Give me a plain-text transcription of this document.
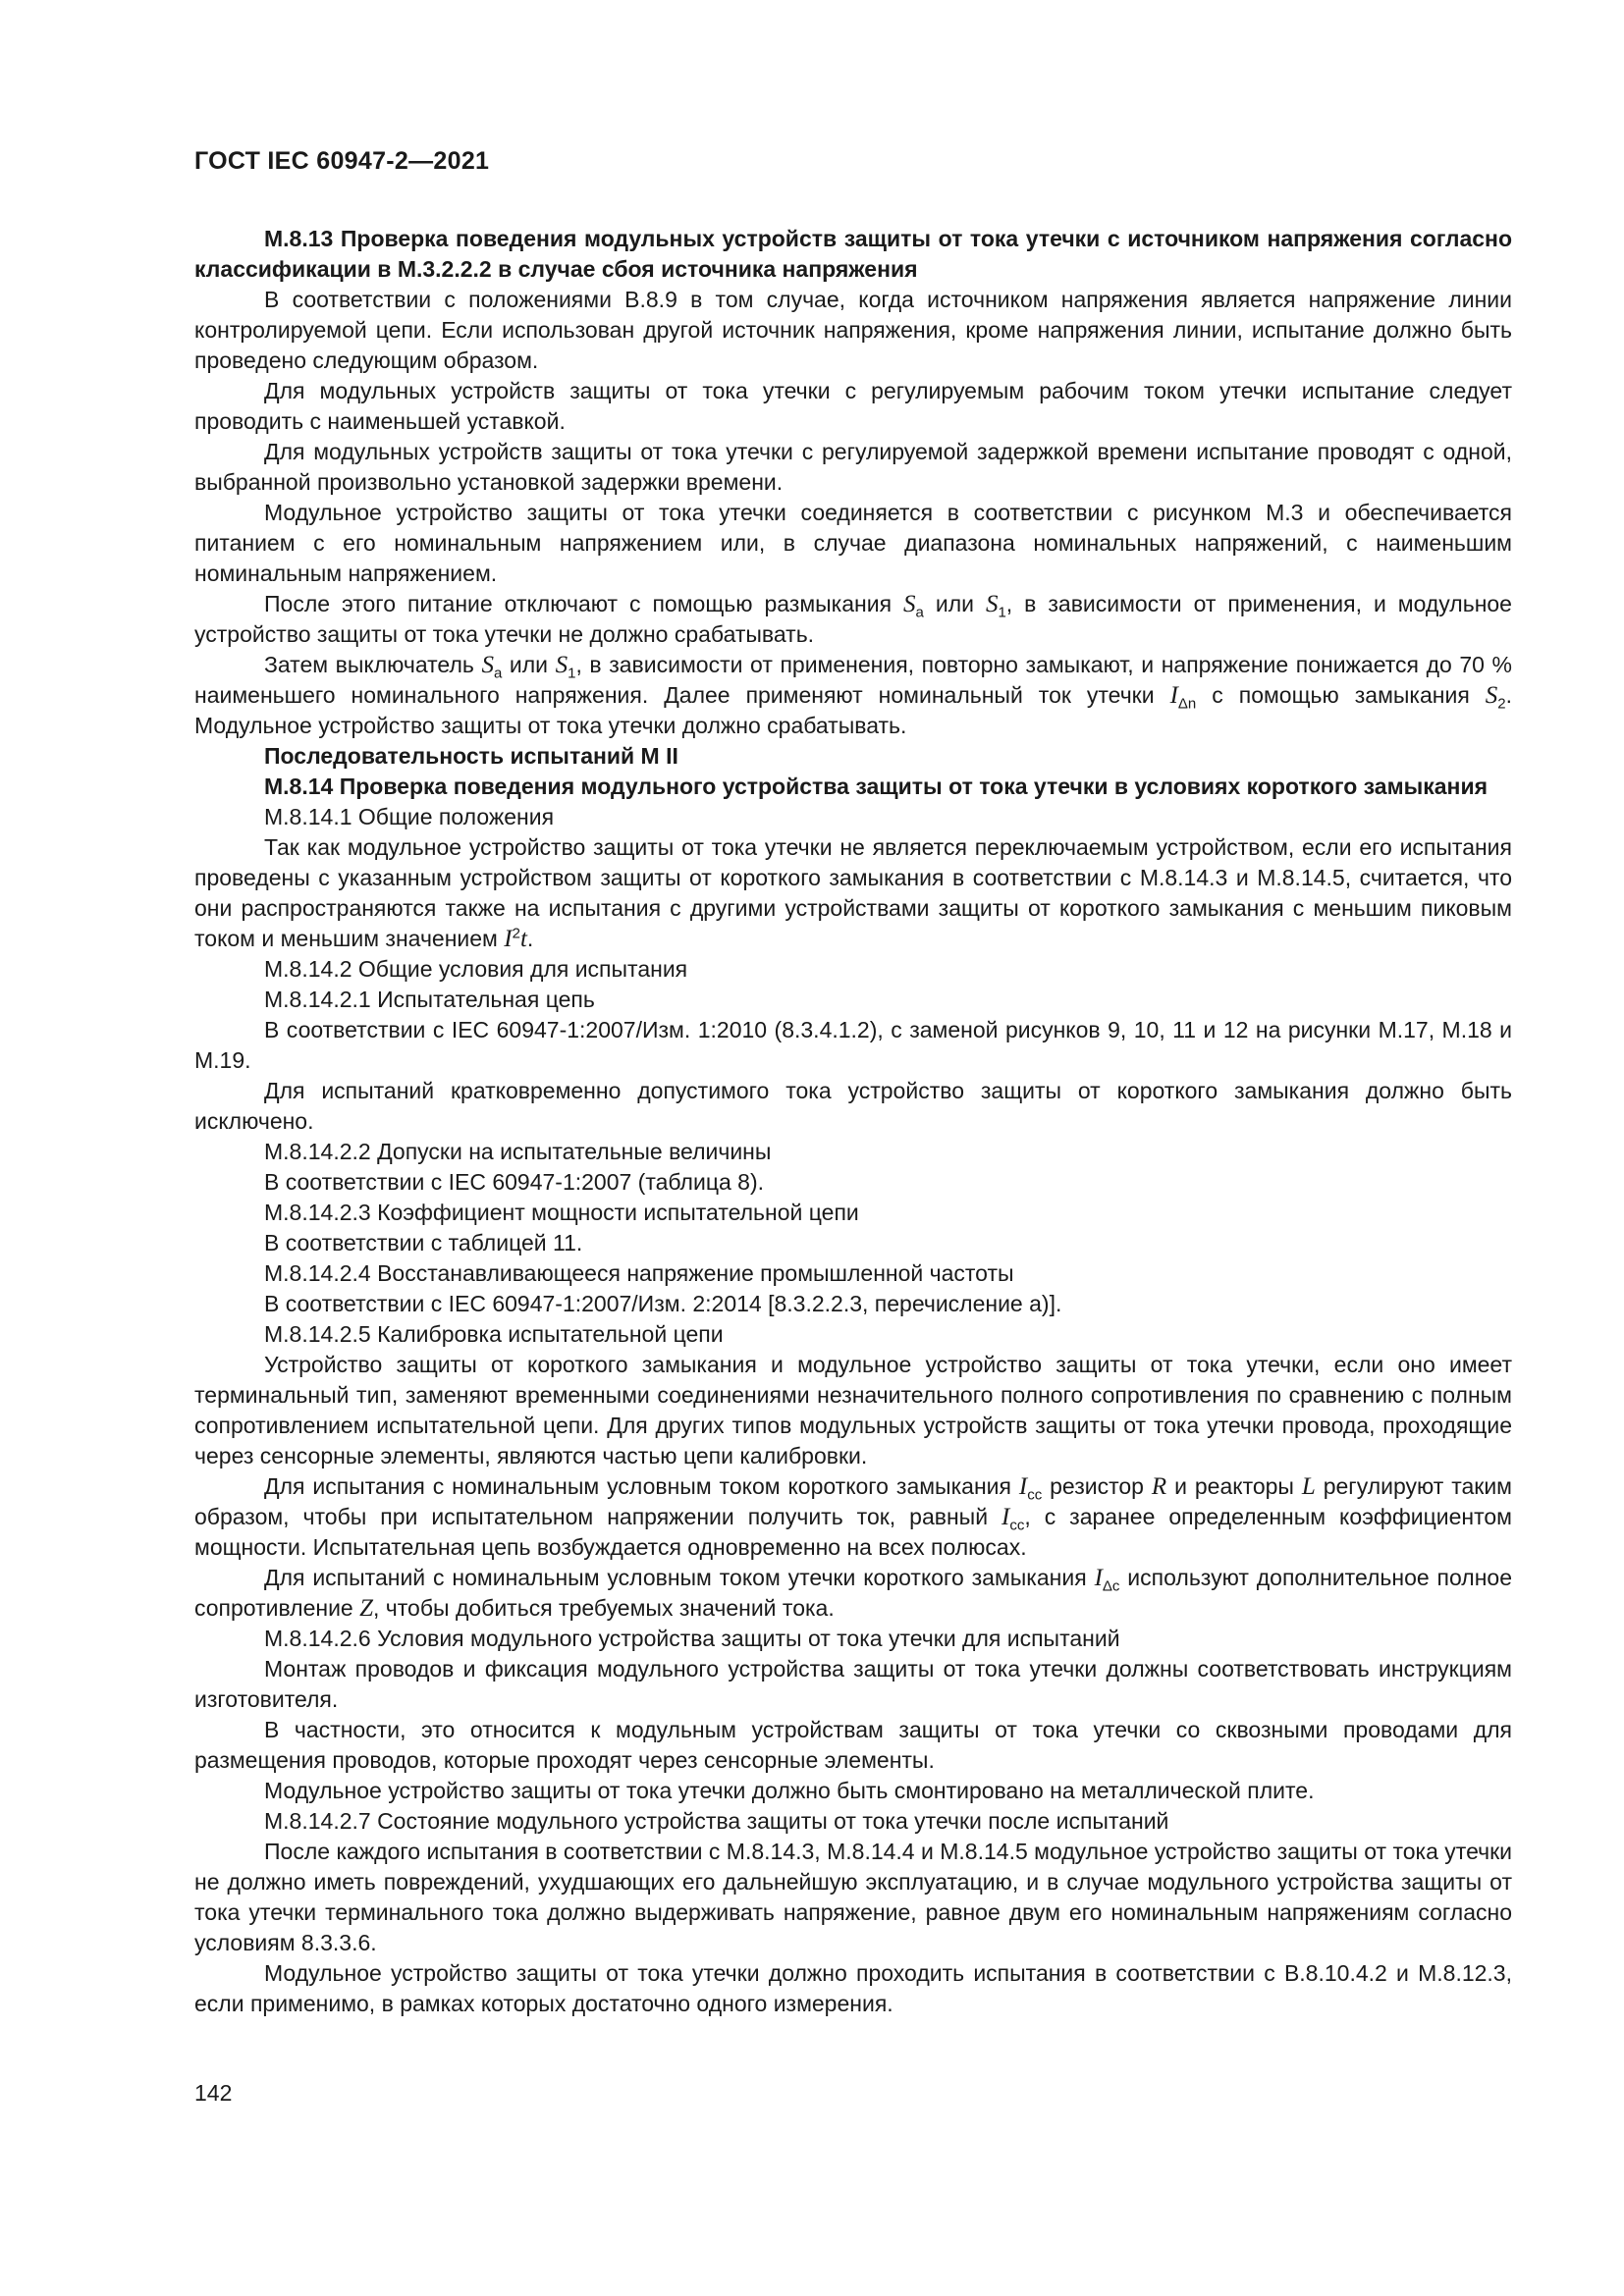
ГОСТ IEC 60947-2—2021

М.8.13 Проверка поведения модульных устройств защиты от тока утечки с источником напряжения согласно классификации в М.3.2.2.2 в случае сбоя источника напряжения

В соответствии с положениями В.8.9 в том случае, когда источником напряжения является напряжение линии контролируемой цепи. Если использован другой источник напряжения, кроме напряжения линии, испытание должно быть проведено следующим образом.

Для модульных устройств защиты от тока утечки с регулируемым рабочим током утечки испытание следует проводить с наименьшей уставкой.

Для модульных устройств защиты от тока утечки с регулируемой задержкой времени испытание проводят с одной, выбранной произвольно установкой задержки времени.

Модульное устройство защиты от тока утечки соединяется в соответствии с рисунком М.3 и обеспечивается питанием с его номинальным напряжением или, в случае диапазона номинальных напряжений, с наименьшим номинальным напряжением.

После этого питание отключают с помощью размыкания $S_a$ или $S_1$, в зависимости от применения, и модульное устройство защиты от тока утечки не должно срабатывать.

Затем выключатель $S_a$ или $S_1$, в зависимости от применения, повторно замыкают, и напряжение понижается до 70 % наименьшего номинального напряжения. Далее применяют номинальный ток утечки $I_{\Delta n}$ с помощью замыкания $S_2$. Модульное устройство защиты от тока утечки должно срабатывать.

Последовательность испытаний M II

М.8.14 Проверка поведения модульного устройства защиты от тока утечки в условиях короткого замыкания

М.8.14.1 Общие положения

Так как модульное устройство защиты от тока утечки не является переключаемым устройством, если его испытания проведены с указанным устройством защиты от короткого замыкания в соответствии с М.8.14.3 и М.8.14.5, считается, что они распространяются также на испытания с другими устройствами защиты от короткого замыкания с меньшим пиковым током и меньшим значением $I^2t$.

М.8.14.2 Общие условия для испытания

М.8.14.2.1 Испытательная цепь

В соответствии с IEC 60947-1:2007/Изм. 1:2010 (8.3.4.1.2), с заменой рисунков 9, 10, 11 и 12 на рисунки М.17, М.18 и М.19.

Для испытаний кратковременно допустимого тока устройство защиты от короткого замыкания должно быть исключено.

М.8.14.2.2 Допуски на испытательные величины

В соответствии с IEC 60947-1:2007 (таблица 8).

М.8.14.2.3 Коэффициент мощности испытательной цепи

В соответствии с таблицей 11.

М.8.14.2.4 Восстанавливающееся напряжение промышленной частоты

В соответствии с IEC 60947-1:2007/Изм. 2:2014 [8.3.2.2.3, перечисление а)].

М.8.14.2.5 Калибровка испытательной цепи

Устройство защиты от короткого замыкания и модульное устройство защиты от тока утечки, если оно имеет терминальный тип, заменяют временными соединениями незначительного полного сопротивления по сравнению с полным сопротивлением испытательной цепи. Для других типов модульных устройств защиты от тока утечки провода, проходящие через сенсорные элементы, являются частью цепи калибровки.

Для испытания с номинальным условным током короткого замыкания $I_{cc}$ резистор R и реакторы L регулируют таким образом, чтобы при испытательном напряжении получить ток, равный $I_{cc}$, с заранее определенным коэффициентом мощности. Испытательная цепь возбуждается одновременно на всех полюсах.

Для испытаний с номинальным условным током утечки короткого замыкания $I_{\Delta c}$ используют дополнительное полное сопротивление Z, чтобы добиться требуемых значений тока.

М.8.14.2.6 Условия модульного устройства защиты от тока утечки для испытаний

Монтаж проводов и фиксация модульного устройства защиты от тока утечки должны соответствовать инструкциям изготовителя.

В частности, это относится к модульным устройствам защиты от тока утечки со сквозными проводами для размещения проводов, которые проходят через сенсорные элементы.

Модульное устройство защиты от тока утечки должно быть смонтировано на металлической плите.

М.8.14.2.7 Состояние модульного устройства защиты от тока утечки после испытаний

После каждого испытания в соответствии с М.8.14.3, М.8.14.4 и М.8.14.5 модульное устройство защиты от тока утечки не должно иметь повреждений, ухудшающих его дальнейшую эксплуатацию, и в случае модульного устройства защиты от тока утечки терминального тока должно выдерживать напряжение, равное двум его номинальным напряжениям согласно условиям 8.3.3.6.

Модульное устройство защиты от тока утечки должно проходить испытания в соответствии с В.8.10.4.2 и М.8.12.3, если применимо, в рамках которых достаточно одного измерения.

142
